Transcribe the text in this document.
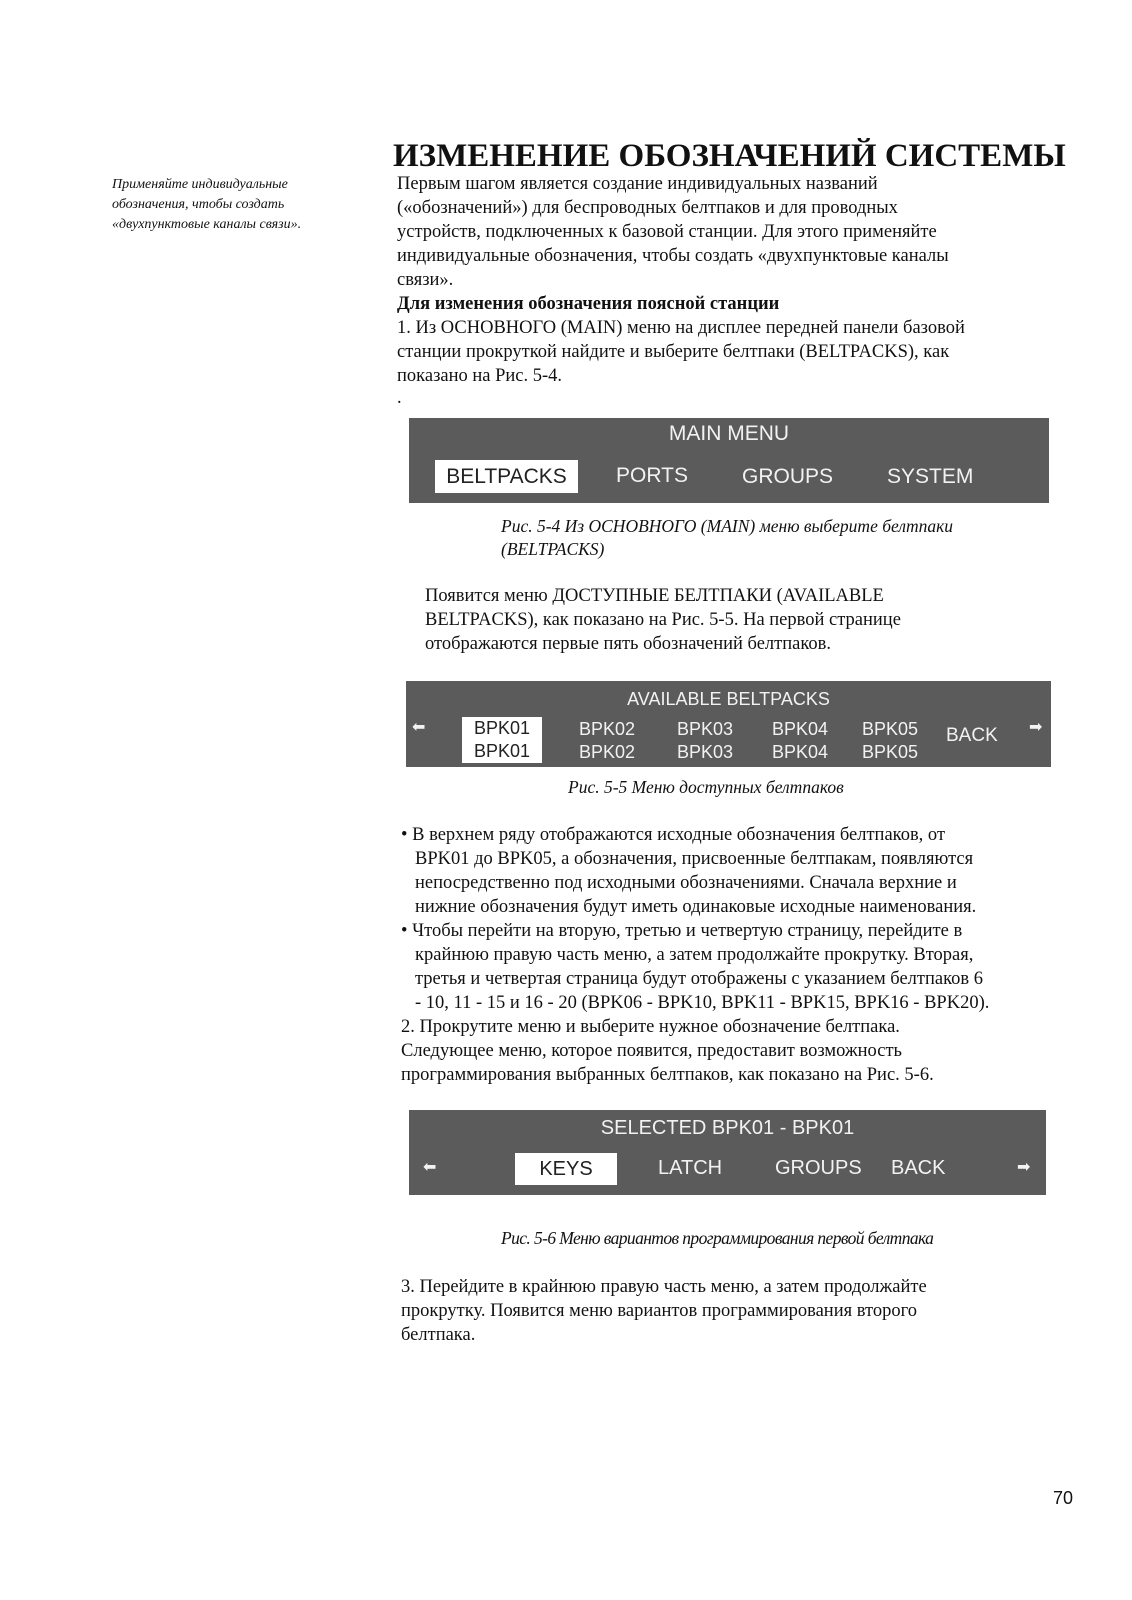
Применяйте индивидуальные
обозначения, чтобы создать
«двухпунктовые каналы связи».
ИЗМЕНЕНИЕ ОБОЗНАЧЕНИЙ СИСТЕМЫ
Первым шагом является создание индивидуальных названий
(«обозначений») для беспроводных белтпаков и для проводных
устройств, подключенных к базовой станции. Для этого применяйте
индивидуальные обозначения, чтобы создать «двухпунктовые каналы
связи».
Для изменения обозначения поясной станции
1. Из ОСНОВНОГО (MAIN) меню на дисплее передней панели базовой
станции прокруткой найдите и выберите белтпаки (BELTPACKS), как
показано на Рис. 5-4.
.
MAIN MENU
BELTPACKS	PORTS	GROUPS	SYSTEM
Рис. 5-4 Из ОСНОВНОГО (MAIN) меню выберите белтпаки
(BELTPACKS)
Появится меню ДОСТУПНЫЕ БЕЛТПАКИ (AVAILABLE
BELTPACKS), как показано на Рис. 5-5. На первой странице
отображаются первые пять обозначений белтпаков.
AVAILABLE BELTPACKS
⬅	BPK01
BPK01
BPK02
BPK02
BPK03
BPK03
BPK04
BPK04
BPK05
BPK05
BACK ➡
Рис. 5-5 Меню доступных белтпаков
• В верхнем ряду отображаются исходные обозначения белтпаков, от
BPK01 до BPK05, а обозначения, присвоенные белтпакам, появляются
непосредственно под исходными обозначениями. Сначала верхние и
нижние обозначения будут иметь одинаковые исходные наименования.
• Чтобы перейти на вторую, третью и четвертую страницу, перейдите в
крайнюю правую часть меню, а затем продолжайте прокрутку. Вторая,
третья и четвертая страница будут отображены с указанием белтпаков 6
- 10, 11 - 15 и 16 - 20 (BPK06 - BPK10, BPK11 - BPK15, BPK16 - BPK20).
2. Прокрутите меню и выберите нужное обозначение белтпака.
Следующее меню, которое появится, предоставит возможность
программирования выбранных белтпаков, как показано на Рис. 5-6.
SELECTED BPK01 - BPK01
⬅	KEYS	LATCH	GROUPS BACK	➡
Рис. 5-6 Меню вариантов программирования первой белтпака
3. Перейдите в крайнюю правую часть меню, а затем продолжайте
прокрутку. Появится меню вариантов программирования второго
белтпака.
70
